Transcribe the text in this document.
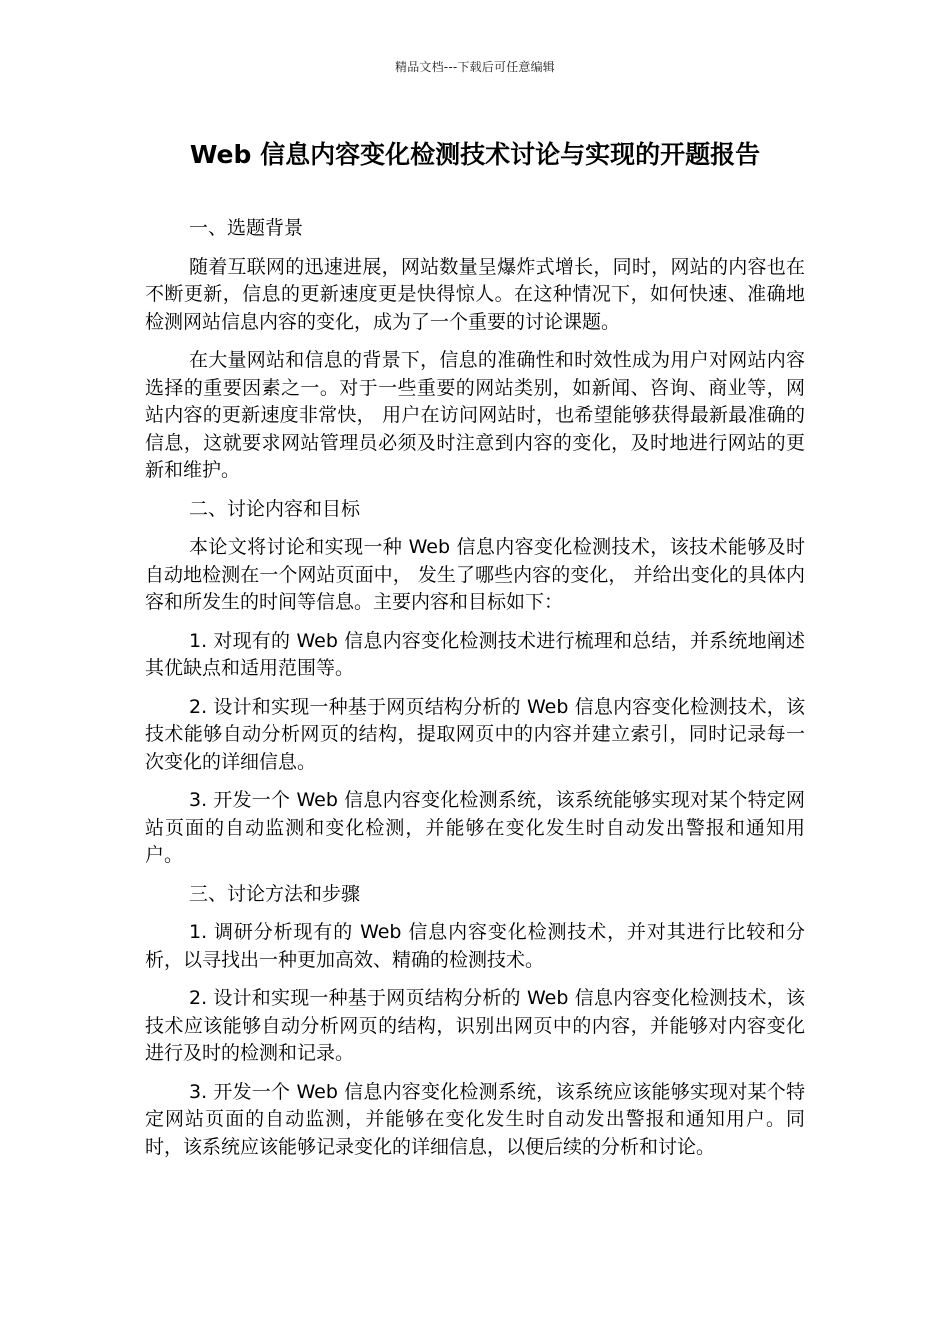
精品文档---下载后可任意编辑
Web 信息内容变化检测技术讨论与实现的开题报告

一、选题背景

随着互联网的迅速进展，网站数量呈爆炸式增长，同时，网站的内容也在不断更新，信息的更新速度更是快得惊人。在这种情况下，如何快速、准确地检测网站信息内容的变化，成为了一个重要的讨论课题。

在大量网站和信息的背景下，信息的准确性和时效性成为用户对网站内容选择的重要因素之一。对于一些重要的网站类别，如新闻、咨询、商业等，网站内容的更新速度非常快， 用户在访问网站时，也希望能够获得最新最准确的信息，这就要求网站管理员必须及时注意到内容的变化，及时地进行网站的更新和维护。

二、讨论内容和目标

本论文将讨论和实现一种 Web 信息内容变化检测技术，该技术能够及时自动地检测在一个网站页面中， 发生了哪些内容的变化， 并给出变化的具体内容和所发生的时间等信息。主要内容和目标如下：

1. 对现有的 Web 信息内容变化检测技术进行梳理和总结，并系统地阐述其优缺点和适用范围等。

2. 设计和实现一种基于网页结构分析的 Web 信息内容变化检测技术，该技术能够自动分析网页的结构，提取网页中的内容并建立索引，同时记录每一次变化的详细信息。

3. 开发一个 Web 信息内容变化检测系统，该系统能够实现对某个特定网站页面的自动监测和变化检测，并能够在变化发生时自动发出警报和通知用户。

三、讨论方法和步骤

1. 调研分析现有的 Web 信息内容变化检测技术，并对其进行比较和分析，以寻找出一种更加高效、精确的检测技术。

2. 设计和实现一种基于网页结构分析的 Web 信息内容变化检测技术，该技术应该能够自动分析网页的结构，识别出网页中的内容，并能够对内容变化进行及时的检测和记录。

3. 开发一个 Web 信息内容变化检测系统，该系统应该能够实现对某个特定网站页面的自动监测，并能够在变化发生时自动发出警报和通知用户。同时，该系统应该能够记录变化的详细信息，以便后续的分析和讨论。
